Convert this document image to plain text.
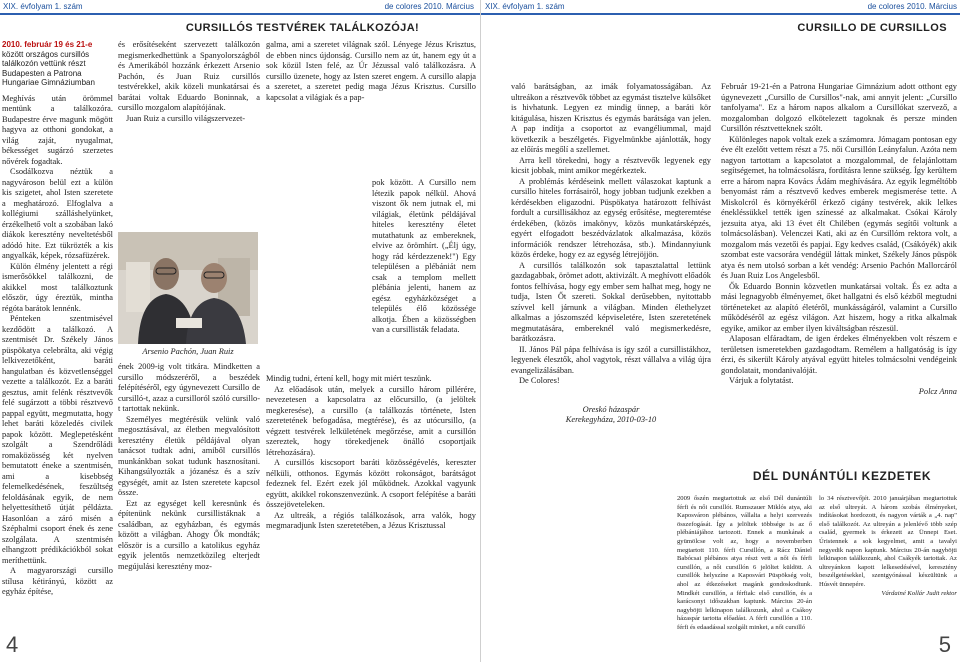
XIX. évfolyam 1. szám	de colores 2010. Március
CURSILLÓS TESTVÉREK TALÁLKOZÓJA!

2010. február 19 és 21-e között országos cursillós találkozón vettünk részt Budapesten a Patrona Hungariae Gimnáziumban

Meghívás után örömmel mentünk a találkozóra. Budapestre érve magunk mögött hagyva az otthoni gondokat, a világ zaját, nyugalmat, békességet sugárzó szerzetes nővérek fogadtak.

Csodálkozva néztük a nagyvároson belül ezt a külön kis szigetet, ahol Isten szeretete a meghatározó. Elfoglalva a kollégiumi szálláshelyünket, érzékelhető volt a szobában lakó diákok keresztény neveltetésből adódó hite. Ezt tükrözték a kis angyalkák, képek, rózsafüzérek.

Külön élmény jelentett a régi ismerősökkel találkozni, de akikkel most találkoztunk először, úgy éreztük, mintha régóta barátok lennénk.

Pénteken szentmisével kezdődött a találkozó. A szentmisét Dr. Székely János püspökatya celebrálta, aki végig lelkivezetőként, baráti hangulatban és közvetlenséggel vezette a találkozót. Ez a baráti gesztus, amit felénk résztvevők felé sugárzott a többi résztvevő pappal együtt, megmutatta, hogy lehet baráti közeledés civilek papok között. Meglepetésként szolgált a Szendrőládi romaközösség két nyelven bemutatott éneke a szentmisén, ami a kisebbség felemelkedésének, feszültség feloldásának egyik, de nem helyettesíthető útját példázta. Hasonlóan a záró misén a Széphalmi csoport ének és zene szolgálata. A szentmisén elhangzott prédikációkból sokat meríthettünk.

A magyarországi cursillo stílusa kétirányú, között az egyház építése,

és erősítéseként szervezett találkozón megismerkedhettünk a Spanyolországból és Amerikából hozzánk érkezett Arsenio Pachón, és Juan Ruiz cursillós testvérekkel, akik közeli munkatársai és barátai voltak Eduardo Boninnak, a cursillo mozgalom alapítójának.

Juan Ruiz a cursillo világszervezet-

Arsenio Pachón, Juan Ruiz

ének 2009-ig volt titkára. Mindketten a cursillo módszeréről, a beszédek felépítéséről, egy úgynevezett Cursillo de cursilló-t, azaz a cursilloról szóló cursillo-t tartottak nekünk.

Személyes megtérésük velünk való megosztásával, az életben megvalósított keresztény életük példájával olyan tanácsot tudtak adni, amiből cursillós munkánkban sokat tudunk hasznosítani. Kihangsúlyozták a józanész és a szív egységét, amit az Isten szeretete kapcsol össze.

Ezt az egységet kell keresnünk és építenünk nekünk cursillistáknak a családban, az egyházban, és egymás között a világban. Ahogy Ők mondták; először is a cursillo a katolikus egyház egyik jelentős nemzetközileg elterjedt megújulási keresztény moz-

galma, ami a szeretet világnak szól. Lényege Jézus Krisztus, de ebben nincs újdonság. Cursillo nem az út, hanem egy út a sok közül Isten felé, az Úr Jézussal való találkozásra. A cursillo üzenete, hogy az Isten szeret engem. A cursillo alapja a szeretet, a szeretet pedig maga Jézus Krisztus. Cursillo kapcsolat a világiak és a pap-

pok között. A Cursillo nem létezik papok nélkül. Ahová viszont ők nem jutnak el, mi világiak, életünk példájával hiteles keresztény életet mutathatunk az embereknek, elvive az örömhírt. („Élj úgy, hogy rád kérdezzenek!") Egy településen a plébániát nem csak a templom mellett plébánia jelenti, hanem az egész egyházközséget a település élő közössége alkotja. Ében a közösségben van a cursillisták feladata.

Mindig tudni, értení kell, hogy mit miért teszünk.

Az előadások után, melyek a cursillo három pillérére, nevezetesen a kapcsolatra az előcursillo, (a jelöltek megkeresése), a cursillo (a találkozás története, Isten szeretetének befogadása, megtérése), és az utócursillo, (a végzett testvérek lelkületének megőrzése, amit a cursillón szereztek, hogy törekedjenek önálló csoportjaik létrehozására).

A cursillós kiscsoport baráti közösségévelés, kereszter nélküli, otthonos. Egymás között rokonságot, barátságot fedeznek fel. Ezért ezek jól működnek. Azokkal vagyunk együtt, akikkel rokonszenvezünk. A csoport felépítése a baráti összejöveteleken.

Az ultreák, a régiós találkozások, arra valók, hogy megmaradjunk Isten szeretetében, a Jézus Krisztussal

4
XIX. évfolyam 1. szám	de colores 2010. Március
CURSILLO DE CURSILLOS

való barátságban, az imák folyamatosságában. Az ultreákon a résztvevők többet az egymást tisztelve külsőket is hivhatunk. Legyen ez mindig ünnep, a baráti kör kitágulása, hiszen Krisztus és egymás barátsága van jelen. A pap indítja a csoportot az evangéliummal, majd következik a beszélgetés. Figyelmünkbe ajánlották, hogy az előírás megőlí a szellemet.

Arra kell törekedni, hogy a résztvevők legyenek egy kicsit jobbak, mint amikor megérkeztek.

A problémás kérdéseink mellett válaszokat kaptunk a cursillo hiteles forrásairól, hogy jobban tudjunk ezekben a kérdésekben eligazodni. Püspökatya határozott felhívást fordult a cursillisákhoz az egység erősítése, megteremtése érdekében, (közös imakönyv, közös munkatársképzés, egyért elfogadott beszédvázlatok alkalmazása, közös információk rendszer létrehozása, stb.). Mindannyiunk közös érdeke, hogy ez az egység létrejöjjön.

A cursillós találkozón sok tapasztalattal lettünk gazdagabbak, örömet adott, aktivizált. A meghívott előadók fontos felhívása, hogy egy ember sem halhat meg, hogy ne tudja, Isten Őt szereti. Sokkal derűsebben, nyitottabb szívvel kell járnunk a világban. Minden élethelyzet alkalmas a jószomszéd képviseletére, Isten szeretetének megmutatására, embereknél való megismerkedésre, barátkozásra.

II. János Pál pápa felhívása is így szól a cursillistákhoz, legyenek élesztők, ahol vagytok, részt vállalva a világ újra evangelizálásában.

De Colores!

Oreskó házaspár

Kerekegyháza, 2010-03-10

Február 19-21-én a Patrona Hungariae Gimnázium adott otthont egy úgynevezett „Cursillo de Cursillos"-nak, ami annyit jelent: „Cursillo tanfolyama". Ez a három napos alkalom a Cursillókat szervező, a mozgalomban dolgozó elkötelezett tagoknak és persze minden Cursillón résztvetteknek szólt.

Különleges napok voltak ezek a számomra. Jómagam pontosan egy éve élt ezelőtt vettem részt a 75. női Cursillón Leányfalun. Azóta nem nagyon tartottam a kapcsolatot a mozgalommal, de felajánlottam segítségemet, ha tolmácsolásra, fordításra lenne szükség. Így kerültem erre a három napra Kovács Ádám meghívására. Az egyik legméltóbb benyomást rám a résztvevő kedves emberek megismerése tette. A Miskolcról és környékéről érkező cigány testvérek, akik lelkes énekléssükkel tették igen színessé az alkalmakat. Csókai Károly jezsuita atya, aki 13 évet élt Chilében (egymás segítői voltunk a tolmácsolásban). Velenczei Kati, aki az én Cursillóm rektora volt, a mozgalom más vezetői és papjai. Egy kedves család, (Csákóyék) akik szombat este vacsorára vendégül láttak minket, Székely János püspök atya és nem utolsó sorban a két vendég: Arsenio Pachón Mallorcáról és Juan Ruiz Los Angelesből.

Ők Eduardo Bonnin közvetlen munkatársai voltak. És ez adta a mási legnagyobb élményemet, őket hallgatni és első kézből megtudni történeteket az alapító életéről, munkásságáról, valamint a Cursillo működéséről az egész világon. Azt hiszem, hogy a ritka alkalmak egyike, amikor az ember ilyen kiváltságban részesül.

Alaposan elfáradtam, de igen érdekes élményekben volt részem e területsen ismeretekben gazdagodtam. Remélem a hallgatóság is így érzi, és sikerült Károly atyával együtt hiteles tolmácsolni vendégeink gondolatait, mondanivalóját.

Várjuk a folytatást.

Polcz Anna

DÉL DUNÁNTÚLI KEZDETEK

2009 őszén megtartottuk az első Dél dunántúli férfi és női cursillót. Rumszauer Miklós atya, aki Kaposváron plébános, vállalta a helyi szervezés összefogását. Így a jelöltek többsége is az ő plébániájához tartozott. Ennek a munkának a gyümölcse volt az, hogy a novemberben megtartott 110. férfi Cursillón, a Rácz Dániel Babócsai plébános atya részt vett a női és férfi cursillón, a női cursillón 6 jelöltet küldött. A cursillók helyszíne a Kaposvári Püspökség volt, ahol az étkezéseket magánk gondoskodtunk. Mindkét cursillón, a férfiak: első cursillón, és a karácsonyi időszakban kaptunk. Március 20-án nagyböjti lelkinapon találkozunk, ahol a Csákoy házaspár tartotta előadást. A férfi cursillón a 110. férfi és edaadással szolgált minket, a női cursilló

lo 34 résztvevőjét. 2010 januárjában megtartottuk az első ultreyát. A három szobás élményeket, indításokat hordozott, és nagyon várták a „4. nap" első találkozót. Az ultreyán a jelenlévő több szép család, gyermek is érkezett az Ünnepi Eset. Úristennek a sok kegyelmet, amit a tavalyi negyedik napon kaptunk. Március 20-án nagyböjti lelkinapon találkozunk, ahol Csákyék tartottak. Az ultreyánkon kapott lelkesedésével, keresztény beszélgetésekkel, szentgyónással készültünk a Húsvét ünnepére.

Várdainé Kollár Judit rektor

5
